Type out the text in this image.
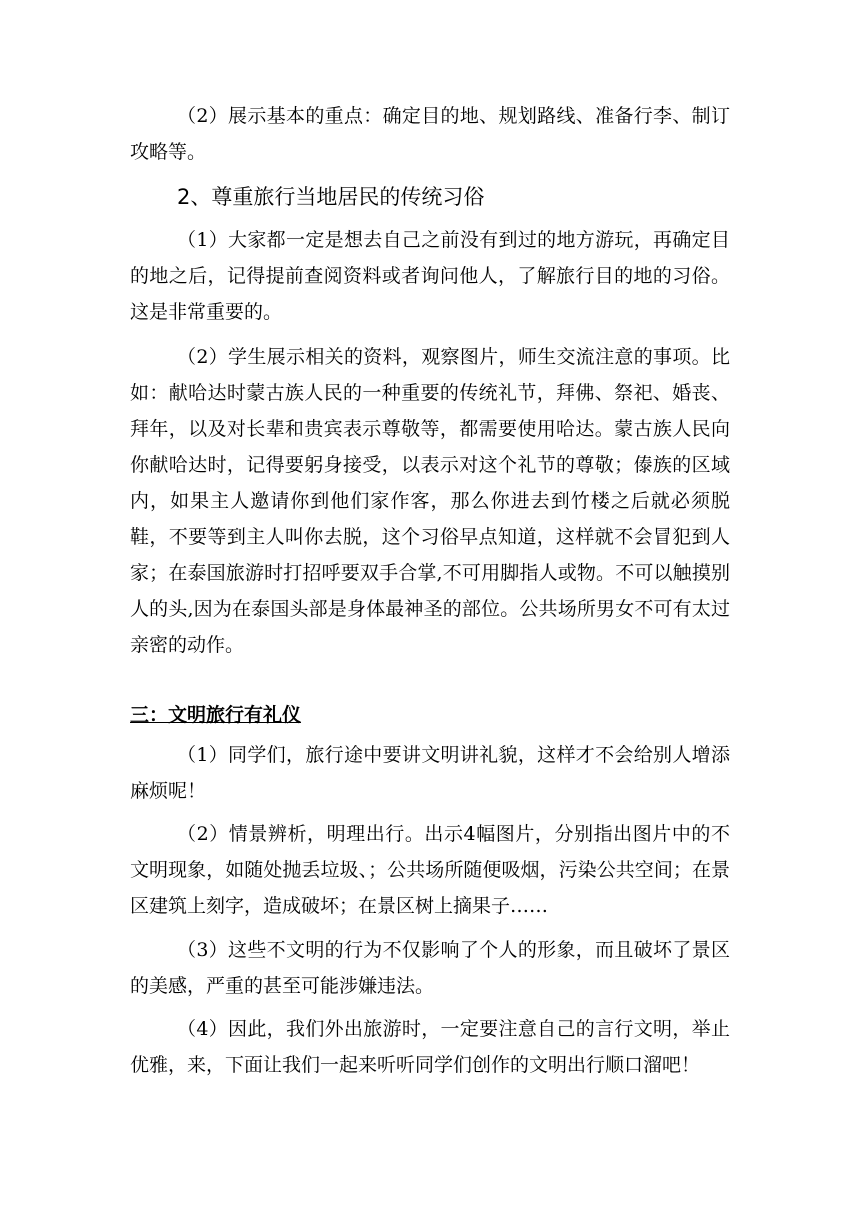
（2）展示基本的重点：确定目的地、规划路线、准备行李、制订攻略等。

2、尊重旅行当地居民的传统习俗

（1）大家都一定是想去自己之前没有到过的地方游玩，再确定目的地之后，记得提前查阅资料或者询问他人，了解旅行目的地的习俗。这是非常重要的。

（2）学生展示相关的资料，观察图片，师生交流注意的事项。比如：献哈达时蒙古族人民的一种重要的传统礼节，拜佛、祭祀、婚丧、拜年，以及对长辈和贵宾表示尊敬等，都需要使用哈达。蒙古族人民向你献哈达时，记得要躬身接受，以表示对这个礼节的尊敬；傣族的区域内，如果主人邀请你到他们家作客，那么你进去到竹楼之后就必须脱鞋，不要等到主人叫你去脱，这个习俗早点知道，这样就不会冒犯到人家；在泰国旅游时打招呼要双手合掌,不可用脚指人或物。不可以触摸别人的头,因为在泰国头部是身体最神圣的部位。公共场所男女不可有太过亲密的动作。

三：文明旅行有礼仪

（1）同学们，旅行途中要讲文明讲礼貌，这样才不会给别人增添麻烦呢！

（2）情景辨析，明理出行。出示4幅图片，分别指出图片中的不文明现象，如随处抛丢垃圾、；公共场所随便吸烟，污染公共空间；在景区建筑上刻字，造成破坏；在景区树上摘果子……

（3）这些不文明的行为不仅影响了个人的形象，而且破坏了景区的美感，严重的甚至可能涉嫌违法。

（4）因此，我们外出旅游时，一定要注意自己的言行文明，举止优雅，来，下面让我们一起来听听同学们创作的文明出行顺口溜吧！
